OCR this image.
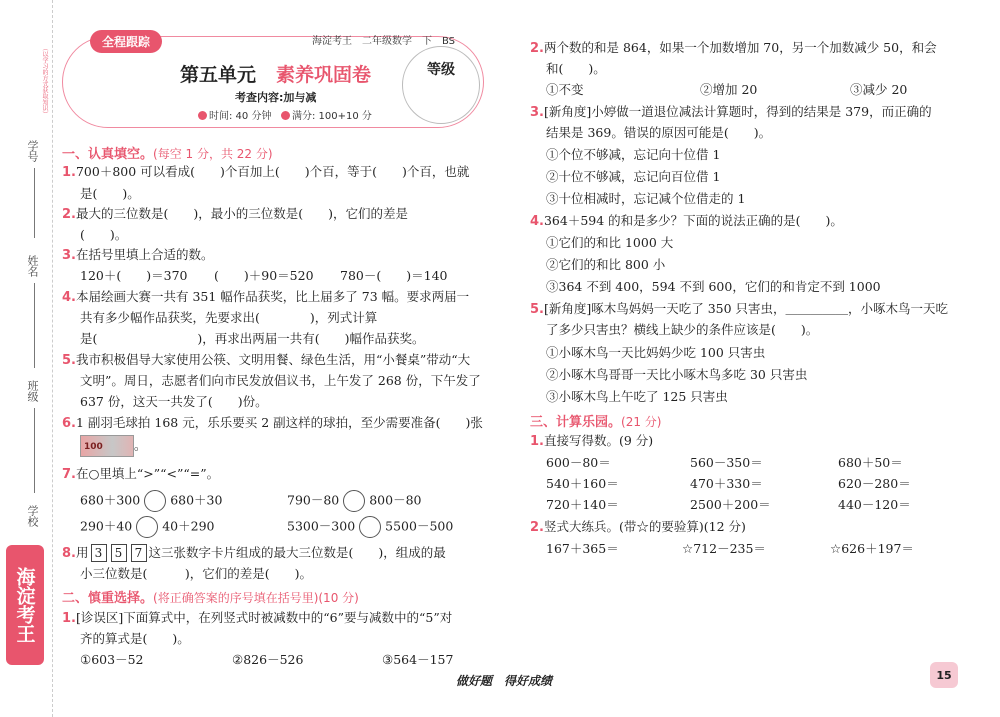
（以学习的方式获取知识）
学号
姓名
班级
学校
海淀考王
全程跟踪	海淀考王　二年级数学　下　BS
第五单元 素养巩固卷
考查内容:加与减
时间: 40 分钟 满分: 100+10 分
等级
一、认真填空。(每空 1 分，共 22 分)
1.700＋800 可以看成(　　)个百加上(　　)个百，等于(　　)个百，也就
是(　　)。
2.最大的三位数是(　　)，最小的三位数是(　　)，它们的差是
(　　)。
3.在括号里填上合适的数。
120＋(　　)＝370 (　　)＋90＝520 780－(　　)＝140
4.本届绘画大赛一共有 351 幅作品获奖，比上届多了 73 幅。要求两届一
共有多少幅作品获奖，先要求出(　　　　)，列式计算
是(　　　　　　　　)，再求出两届一共有(　　)幅作品获奖。
5.我市积极倡导大家使用公筷、文明用餐、绿色生活，用“小餐桌”带动“大
文明”。周日，志愿者们向市民发放倡议书，上午发了 268 份，下午发了
637 份，这天一共发了(　　)份。
6.1 副羽毛球拍 168 元，乐乐要买 2 副这样的球拍，至少需要准备(　　)张
100 。
7.在○里填上“>”“<”“=”。
680＋300 680＋30	790－80 800－80
290＋40 40＋290	5300－300 5500－500
8.用 3 5 7 这三张数字卡片组成的最大三位数是(　　)，组成的最
小三位数是(　　　)，它们的差是(　　)。
二、慎重选择。(将正确答案的序号填在括号里)(10 分)
1.[诊误区]下面算式中，在列竖式时被减数中的“6”要与减数中的“5”对
齐的算式是(　　)。
①603－52	②826－526	③564－157
2.两个数的和是 864，如果一个加数增加 70，另一个加数减少 50，和会
和(　　)。
①不变	②增加 20	③减少 20
3.[新角度]小婷做一道退位减法计算题时，得到的结果是 379，而正确的
结果是 369。错误的原因可能是(　　)。
①个位不够减，忘记向十位借 1
②十位不够减，忘记向百位借 1
③十位相减时，忘记减个位借走的 1
4.364＋594 的和是多少？下面的说法正确的是(　　)。
①它们的和比 1000 大
②它们的和比 800 小
③364 不到 400，594 不到 600，它们的和肯定不到 1000
5.[新角度]啄木鸟妈妈一天吃了 350 只害虫，＿＿＿＿＿，小啄木鸟一天吃
了多少只害虫？横线上缺少的条件应该是(　　)。
①小啄木鸟一天比妈妈少吃 100 只害虫
②小啄木鸟哥哥一天比小啄木鸟多吃 30 只害虫
③小啄木鸟上午吃了 125 只害虫
三、计算乐园。(21 分)
1.直接写得数。(9 分)
600－80＝	560－350＝	680＋50＝
540＋160＝	470＋330＝	620－280＝
720＋140＝	2500＋200＝	440－120＝
2.竖式大练兵。(带☆的要验算)(12 分)
167＋365＝	☆712－235＝	☆626＋197＝
做好题　得好成绩	15
